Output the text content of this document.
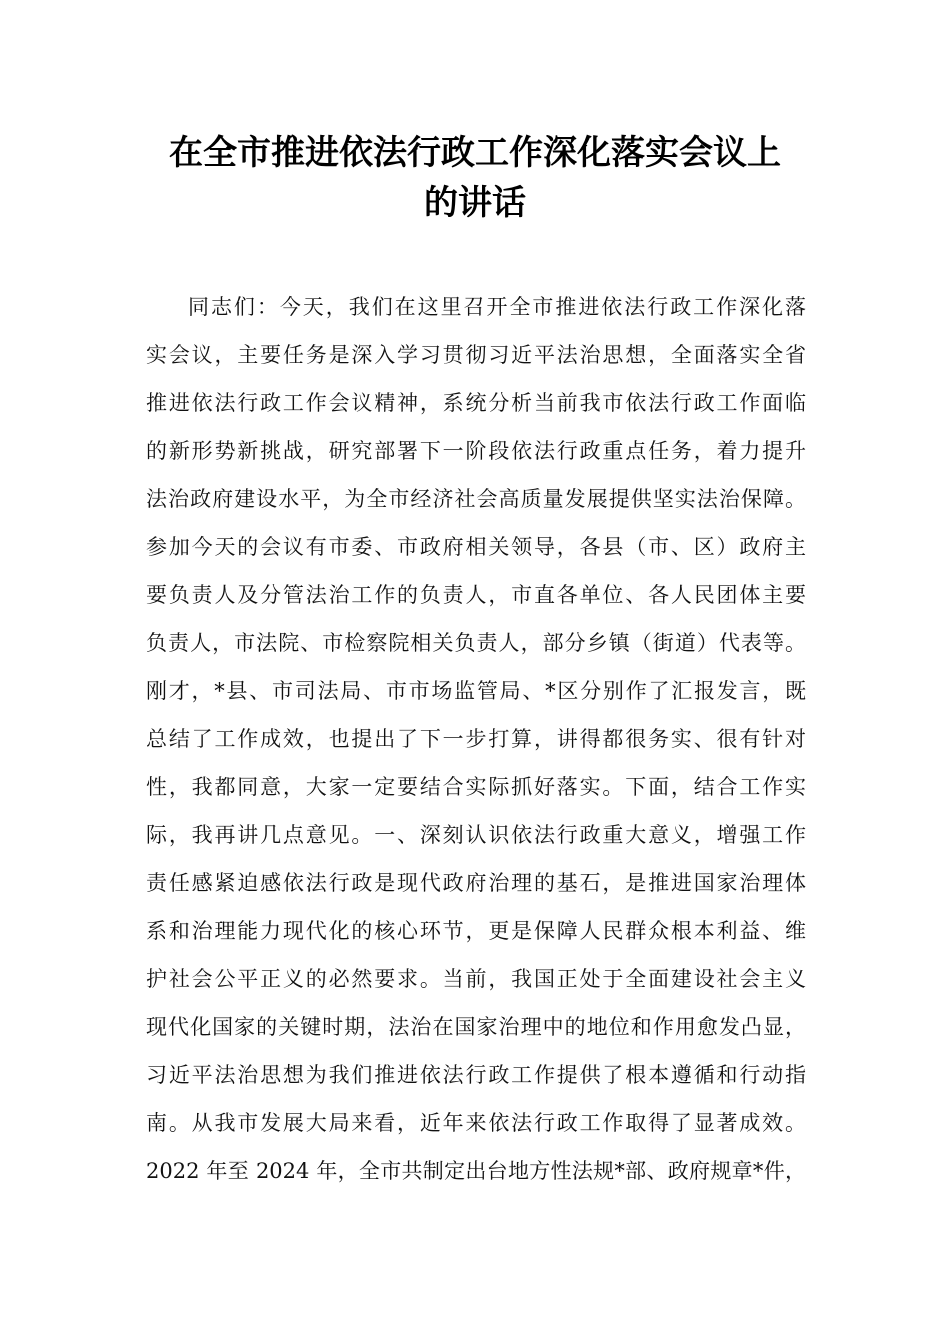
在全市推进依法行政工作深化落实会议上
的讲话
同志们：今天，我们在这里召开全市推进依法行政工作深化落
实会议，主要任务是深入学习贯彻习近平法治思想，全面落实全省
推进依法行政工作会议精神，系统分析当前我市依法行政工作面临
的新形势新挑战，研究部署下一阶段依法行政重点任务，着力提升
法治政府建设水平，为全市经济社会高质量发展提供坚实法治保障。
参加今天的会议有市委、市政府相关领导，各县（市、区）政府主
要负责人及分管法治工作的负责人，市直各单位、各人民团体主要
负责人，市法院、市检察院相关负责人，部分乡镇（街道）代表等。
刚才，*县、市司法局、市市场监管局、*区分别作了汇报发言，既
总结了工作成效，也提出了下一步打算，讲得都很务实、很有针对
性，我都同意，大家一定要结合实际抓好落实。下面，结合工作实
际，我再讲几点意见。一、深刻认识依法行政重大意义，增强工作
责任感紧迫感依法行政是现代政府治理的基石，是推进国家治理体
系和治理能力现代化的核心环节，更是保障人民群众根本利益、维
护社会公平正义的必然要求。当前，我国正处于全面建设社会主义
现代化国家的关键时期，法治在国家治理中的地位和作用愈发凸显，
习近平法治思想为我们推进依法行政工作提供了根本遵循和行动指
南。从我市发展大局来看，近年来依法行政工作取得了显著成效。
2022 年至 2024 年，全市共制定出台地方性法规*部、政府规章*件，
